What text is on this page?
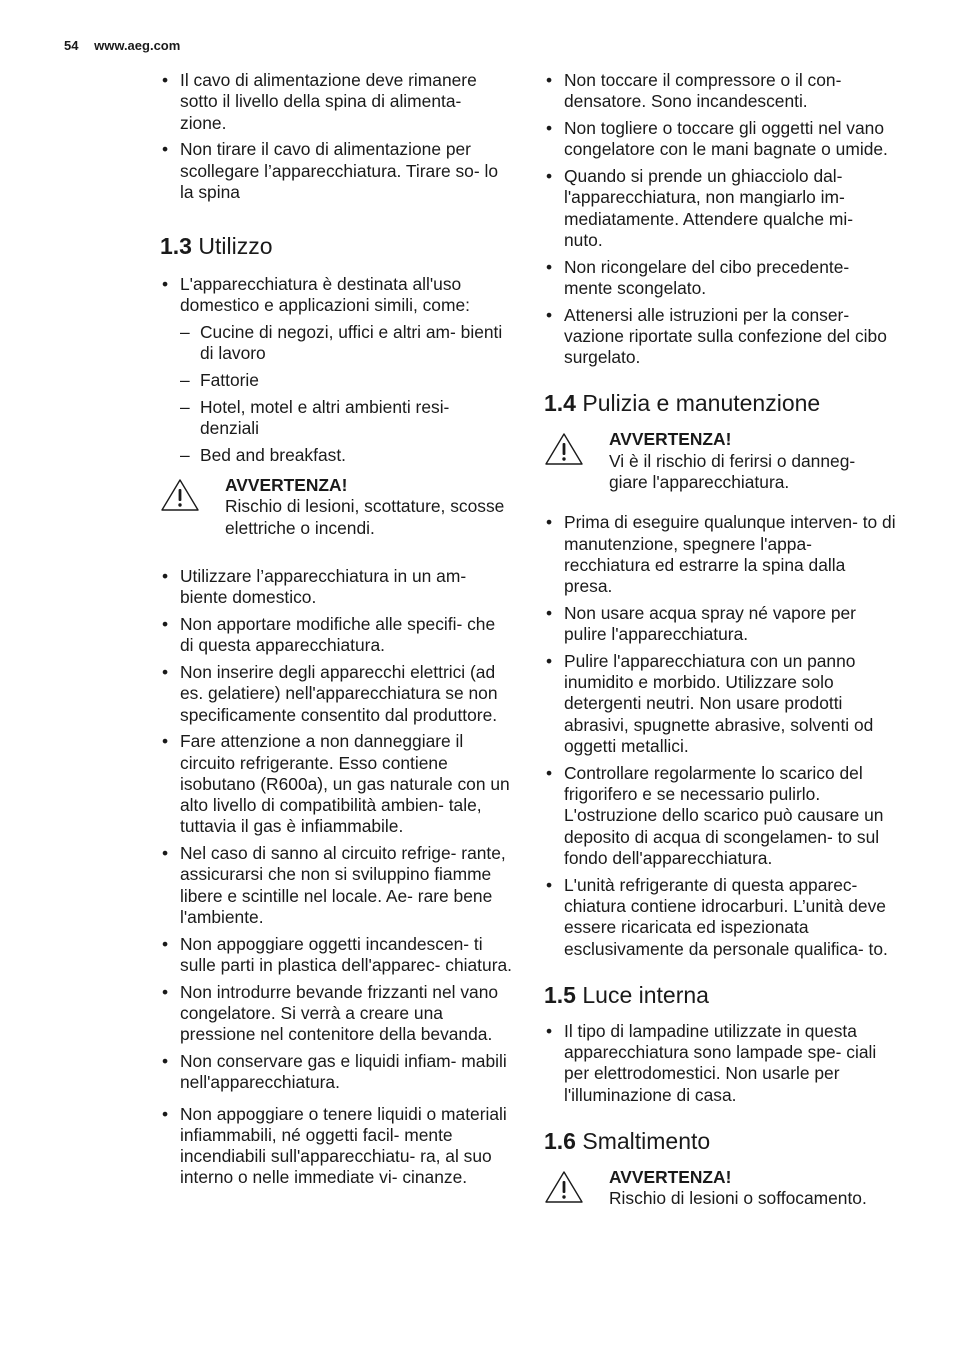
54 www.aeg.com
• Il cavo di alimentazione deve rimanere sotto il livello della spina di alimenta- zione.
• Non tirare il cavo di alimentazione per scollegare l’apparecchiatura. Tirare so- lo la spina
1.3 Utilizzo
• L'apparecchiatura è destinata all'uso domestico e applicazioni simili, come:
– Cucine di negozi, uffici e altri am- bienti di lavoro
– Fattorie
– Hotel, motel e altri ambienti resi- denziali
– Bed and breakfast.
AVVERTENZA!
Rischio di lesioni, scottature, scosse elettriche o incendi.
• Utilizzare l’apparecchiatura in un am- biente domestico.
• Non apportare modifiche alle specifi- che di questa apparecchiatura.
• Non inserire degli apparecchi elettrici (ad es. gelatiere) nell'apparecchiatura se non specificamente consentito dal produttore.
• Fare attenzione a non danneggiare il circuito refrigerante. Esso contiene isobutano (R600a), un gas naturale con un alto livello di compatibilità ambien- tale, tuttavia il gas è infiammabile.
• Nel caso di sanno al circuito refrige- rante, assicurarsi che non si sviluppino fiamme libere e scintille nel locale. Ae- rare bene l'ambiente.
• Non appoggiare oggetti incandescen- ti sulle parti in plastica dell'apparec- chiatura.
• Non introdurre bevande frizzanti nel vano congelatore. Si verrà a creare una pressione nel contenitore della bevanda.
• Non conservare gas e liquidi infiam- mabili nell'apparecchiatura.
• Non appoggiare o tenere liquidi o materiali infiammabili, né oggetti facil- mente incendiabili sull'apparecchiatu- ra, al suo interno o nelle immediate vi- cinanze.
• Non toccare il compressore o il con- densatore. Sono incandescenti.
• Non togliere o toccare gli oggetti nel vano congelatore con le mani bagnate o umide.
• Quando si prende un ghiacciolo dal- l'apparecchiatura, non mangiarlo im- mediatamente. Attendere qualche mi- nuto.
• Non ricongelare del cibo precedente- mente scongelato.
• Attenersi alle istruzioni per la conser- vazione riportate sulla confezione del cibo surgelato.
1.4 Pulizia e manutenzione
AVVERTENZA!
Vi è il rischio di ferirsi o danneg- giare l'apparecchiatura.
• Prima di eseguire qualunque interven- to di manutenzione, spegnere l'appa- recchiatura ed estrarre la spina dalla presa.
• Non usare acqua spray né vapore per pulire l'apparecchiatura.
• Pulire l'apparecchiatura con un panno inumidito e morbido. Utilizzare solo detergenti neutri. Non usare prodotti abrasivi, spugnette abrasive, solventi od oggetti metallici.
• Controllare regolarmente lo scarico del frigorifero e se necessario pulirlo. L'ostruzione dello scarico può causare un deposito di acqua di scongelamen- to sul fondo dell'apparecchiatura.
• L'unità refrigerante di questa apparec- chiatura contiene idrocarburi. L’unità deve essere ricaricata ed ispezionata esclusivamente da personale qualifica- to.
1.5 Luce interna
• Il tipo di lampadine utilizzate in questa apparecchiatura sono lampade spe- ciali per elettrodomestici. Non usarle per l'illuminazione di casa.
1.6 Smaltimento
AVVERTENZA!
Rischio di lesioni o soffocamento.
